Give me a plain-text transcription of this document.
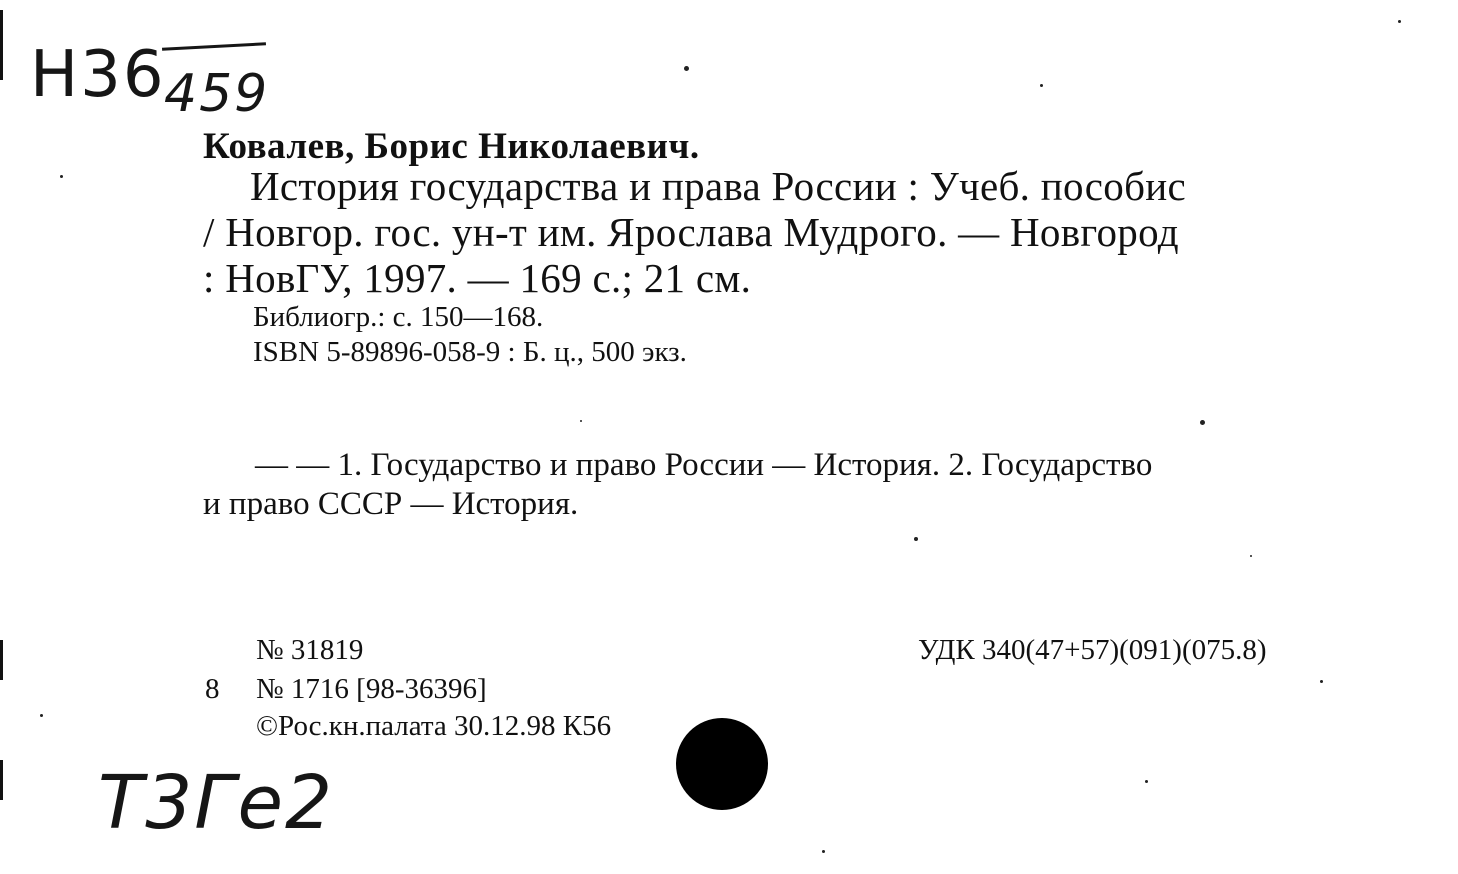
Н36
459
Ковалев, Борис Николаевич.
История государства и права России : Учеб. пособис
/ Новгор. гос. ун-т им. Ярослава Мудрого. — Новгород
: НовГУ, 1997. — 169 с.; 21 см.
Библиогр.: с. 150—168.
ISBN 5-89896-058-9 : Б. ц., 500 экз.
— — 1. Государство и право России — История. 2. Государство
и право СССР — История.
№ 31819	УДК 340(47+57)(091)(075.8)
8 № 1716 [98-36396]
©Рос.кн.палата 30.12.98 К56
Т3Ге2
